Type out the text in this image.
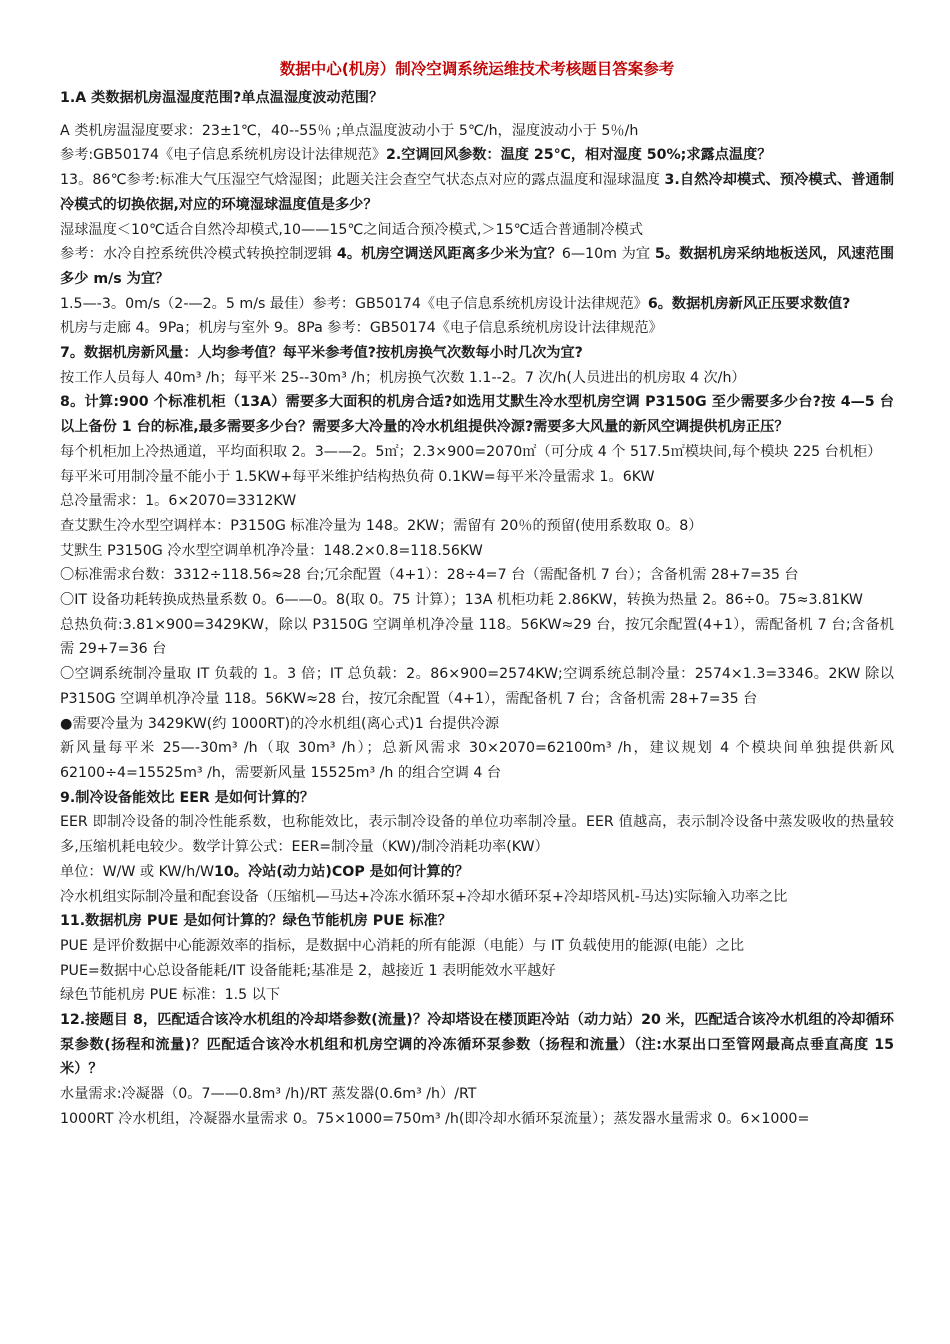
数据中心(机房）制冷空调系统运维技术考核题目答案参考

1.A 类数据机房温湿度范围?单点温湿度波动范围？

A 类机房温湿度要求：23±1℃，40--55％ ;单点温度波动小于 5℃/h，湿度波动小于 5％/h

参考:GB50174《电子信息系统机房设计法律规范》2.空调回风参数：温度 25℃，相对湿度 50%;求露点温度？

13。86℃参考:标准大气压湿空气焓湿图；此题关注会查空气状态点对应的露点温度和湿球温度 3.自然冷却模式、预冷模式、普通制冷模式的切换依据,对应的环境湿球温度值是多少？

湿球温度＜10℃适合自然冷却模式,10——15℃之间适合预冷模式,＞15℃适合普通制冷模式

参考：水冷自控系统供冷模式转换控制逻辑 4。机房空调送风距离多少米为宜？6—10m 为宜 5。数据机房采纳地板送风，风速范围多少 m/s 为宜？

1.5—-3。0m/s（2-—2。5 m/s 最佳）参考：GB50174《电子信息系统机房设计法律规范》6。数据机房新风正压要求数值?

机房与走廊 4。9Pa；机房与室外 9。8Pa 参考：GB50174《电子信息系统机房设计法律规范》

7。数据机房新风量：人均参考值？每平米参考值?按机房换气次数每小时几次为宜?

按工作人员每人 40m³ /h；每平米 25--30m³ /h；机房换气次数 1.1--2。7 次/h(人员进出的机房取 4 次/h）

8。计算:900 个标准机柜（13A）需要多大面积的机房合适?如选用艾默生冷水型机房空调 P3150G 至少需要多少台?按 4—5 台以上备份 1 台的标准,最多需要多少台？需要多大冷量的冷水机组提供冷源?需要多大风量的新风空调提供机房正压？

每个机柜加上冷热通道，平均面积取 2。3——2。5㎡；2.3×900=2070㎡（可分成 4 个 517.5㎡模块间,每个模块 225 台机柜）

每平米可用制冷量不能小于 1.5KW+每平米维护结构热负荷 0.1KW=每平米冷量需求 1。6KW

总冷量需求：1。6×2070=3312KW

查艾默生冷水型空调样本：P3150G 标准冷量为 148。2KW；需留有 20％的预留(使用系数取 0。8）

艾默生 P3150G 冷水型空调单机净冷量：148.2×0.8=118.56KW

〇标准需求台数：3312÷118.56≈28 台;冗余配置（4+1）：28÷4=7 台（需配备机 7 台）；含备机需 28+7=35 台

〇IT 设备功耗转换成热量系数 0。6——0。8(取 0。75 计算）；13A 机柜功耗 2.86KW，转换为热量 2。86÷0。75≈3.81KW

总热负荷:3.81×900=3429KW，除以 P3150G 空调单机净冷量 118。56KW≈29 台，按冗余配置(4+1），需配备机 7 台;含备机需 29+7=36 台

〇空调系统制冷量取 IT 负载的 1。3 倍；IT 总负载：2。86×900=2574KW;空调系统总制冷量：2574×1.3=3346。2KW 除以 P3150G 空调单机净冷量 118。56KW≈28 台，按冗余配置（4+1），需配备机 7 台；含备机需 28+7=35 台

●需要冷量为 3429KW(约 1000RT)的冷水机组(离心式)1 台提供冷源

新风量每平米 25—-30m³ /h（取 30m³ /h）；总新风需求 30×2070=62100m³ /h，建议规划 4 个模块间单独提供新风 62100÷4=15525m³ /h，需要新风量 15525m³ /h 的组合空调 4 台

9.制冷设备能效比 EER 是如何计算的？

EER 即制冷设备的制冷性能系数，也称能效比，表示制冷设备的单位功率制冷量。EER 值越高，表示制冷设备中蒸发吸收的热量较多,压缩机耗电较少。数学计算公式：EER=制冷量（KW)/制冷消耗功率(KW）

单位：W/W 或 KW/h/W10。冷站(动力站)COP 是如何计算的？

冷水机组实际制冷量和配套设备（压缩机—马达+冷冻水循环泵+冷却水循环泵+冷却塔风机-马达)实际输入功率之比

11.数据机房 PUE 是如何计算的？绿色节能机房 PUE 标准？

PUE 是评价数据中心能源效率的指标，是数据中心消耗的所有能源（电能）与 IT 负载使用的能源(电能）之比

PUE=数据中心总设备能耗/IT 设备能耗;基准是 2，越接近 1 表明能效水平越好

绿色节能机房 PUE 标准：1.5 以下

12.接题目 8，匹配适合该冷水机组的冷却塔参数(流量)？冷却塔设在楼顶距冷站（动力站）20 米，匹配适合该冷水机组的冷却循环泵参数(扬程和流量)？匹配适合该冷水机组和机房空调的冷冻循环泵参数（扬程和流量）（注:水泵出口至管网最高点垂直高度 15 米）？

水量需求:冷凝器（0。7——0.8m³ /h)/RT 蒸发器(0.6m³ /h）/RT

1000RT 冷水机组，冷凝器水量需求 0。75×1000=750m³ /h(即冷却水循环泵流量）；蒸发器水量需求 0。6×1000=
